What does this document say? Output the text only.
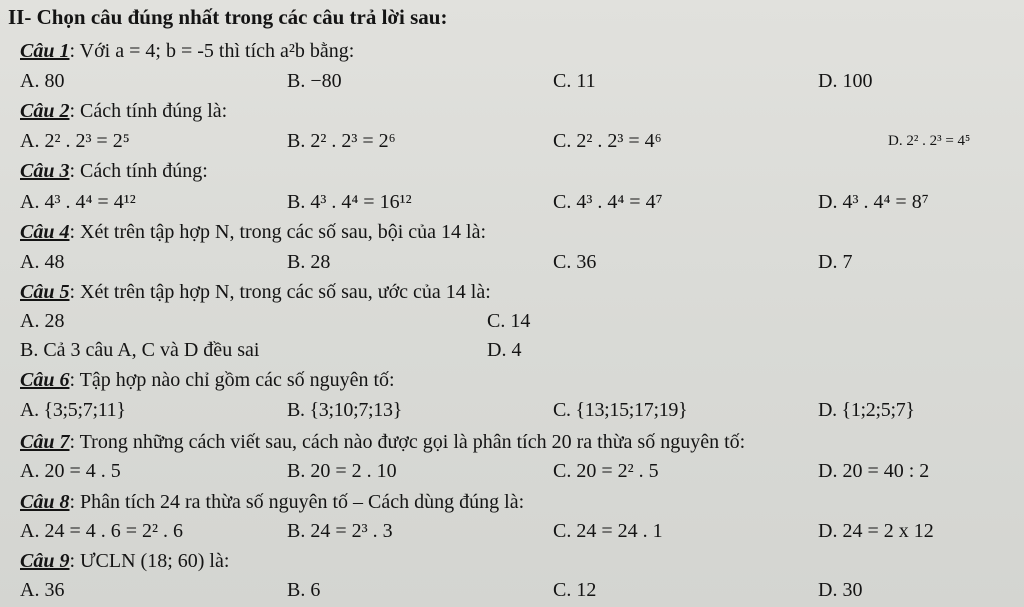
II- Chọn câu đúng nhất trong các câu trả lời sau:
Câu 1: Với a = 4; b = -5 thì tích a²b bằng:
A. 80	B. −80	C. 11	D. 100
Câu 2: Cách tính đúng là:
A. 2² . 2³ = 2⁵	B. 2² . 2³ = 2⁶	C. 2² . 2³ = 4⁶	D. 2² . 2³ = 4⁵
Câu 3: Cách tính đúng:
A. 4³ . 4⁴ = 4¹²	B. 4³ . 4⁴ = 16¹²	C. 4³ . 4⁴ = 4⁷	D. 4³ . 4⁴ = 8⁷
Câu 4: Xét trên tập hợp N, trong các số sau, bội của 14 là:
A. 48	B. 28	C. 36	D. 7
Câu 5: Xét trên tập hợp N, trong các số sau, ước của 14 là:
A. 28	C. 14
B. Cả 3 câu A, C và D đều sai	D. 4
Câu 6: Tập hợp nào chỉ gồm các số nguyên tố:
A. {3;5;7;11}	B. {3;10;7;13}	C. {13;15;17;19}	D. {1;2;5;7}
Câu 7: Trong những cách viết sau, cách nào được gọi là phân tích 20 ra thừa số nguyên tố:
A. 20 = 4 . 5	B. 20 = 2 . 10	C. 20 = 2² . 5	D. 20 = 40 : 2
Câu 8: Phân tích 24 ra thừa số nguyên tố – Cách dùng đúng là:
A. 24 = 4 . 6 = 2² . 6	B. 24 = 2³ . 3	C. 24 = 24 . 1	D. 24 = 2 x 12
Câu 9: ƯCLN (18; 60) là:
A. 36	B. 6	C. 12	D. 30
